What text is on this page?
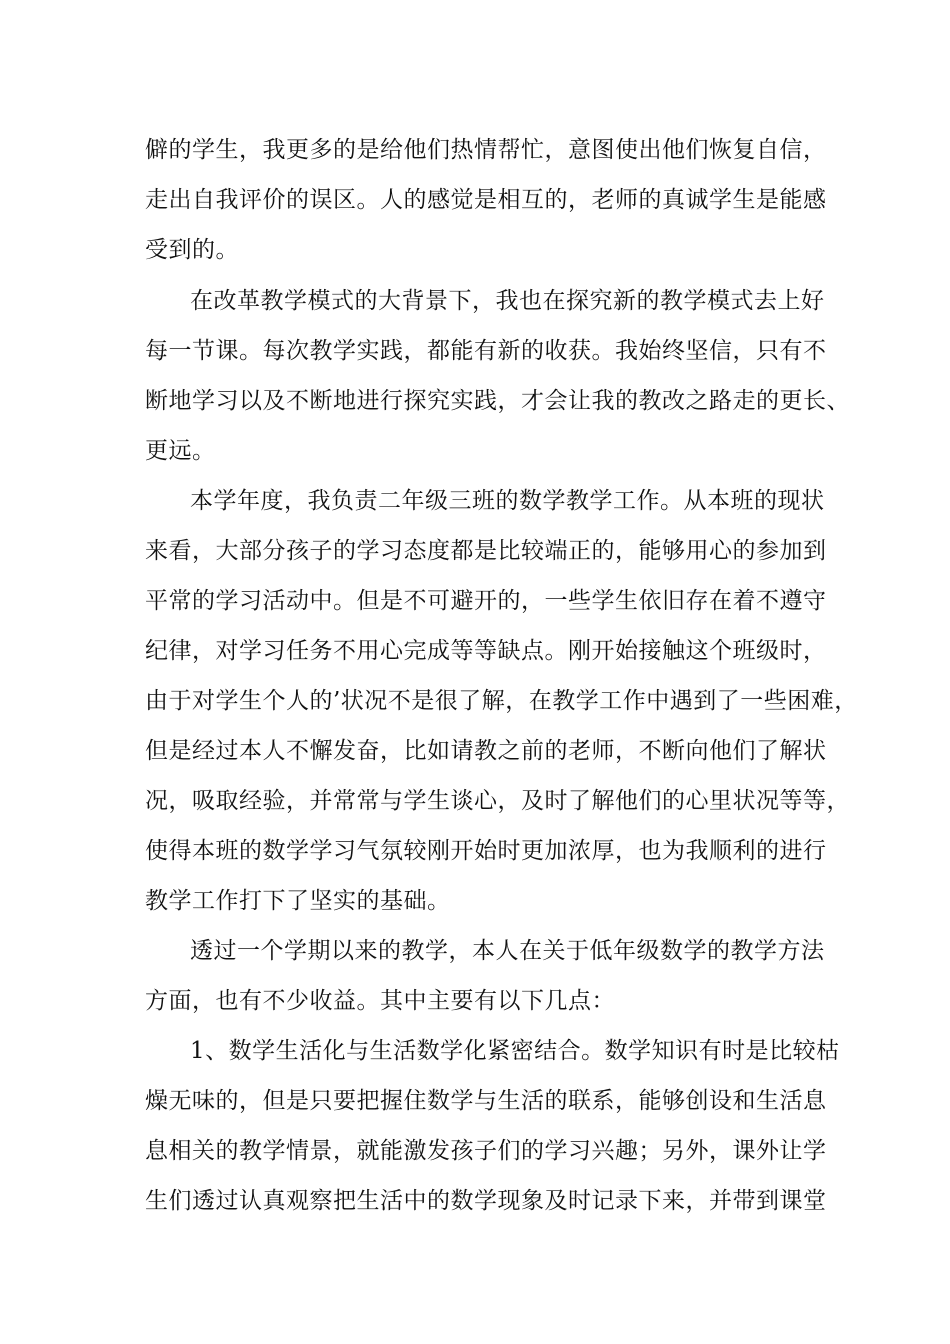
僻的学生，我更多的是给他们热情帮忙，意图使出他们恢复自信，
走出自我评价的误区。人的感觉是相互的，老师的真诚学生是能感
受到的。
在改革教学模式的大背景下，我也在探究新的教学模式去上好
每一节课。每次教学实践，都能有新的收获。我始终坚信，只有不
断地学习以及不断地进行探究实践，才会让我的教改之路走的更长、
更远。
本学年度，我负责二年级三班的数学教学工作。从本班的现状
来看，大部分孩子的学习态度都是比较端正的，能够用心的参加到
平常的学习活动中。但是不可避开的，一些学生依旧存在着不遵守
纪律，对学习任务不用心完成等等缺点。刚开始接触这个班级时，
由于对学生个人的’状况不是很了解，在教学工作中遇到了一些困难，
但是经过本人不懈发奋，比如请教之前的老师，不断向他们了解状
况，吸取经验，并常常与学生谈心，及时了解他们的心里状况等等，
使得本班的数学学习气氛较刚开始时更加浓厚，也为我顺利的进行
教学工作打下了坚实的基础。
透过一个学期以来的教学，本人在关于低年级数学的教学方法
方面，也有不少收益。其中主要有以下几点：
1、数学生活化与生活数学化紧密结合。数学知识有时是比较枯
燥无味的，但是只要把握住数学与生活的联系，能够创设和生活息
息相关的教学情景，就能激发孩子们的学习兴趣；另外，课外让学
生们透过认真观察把生活中的数学现象及时记录下来，并带到课堂
